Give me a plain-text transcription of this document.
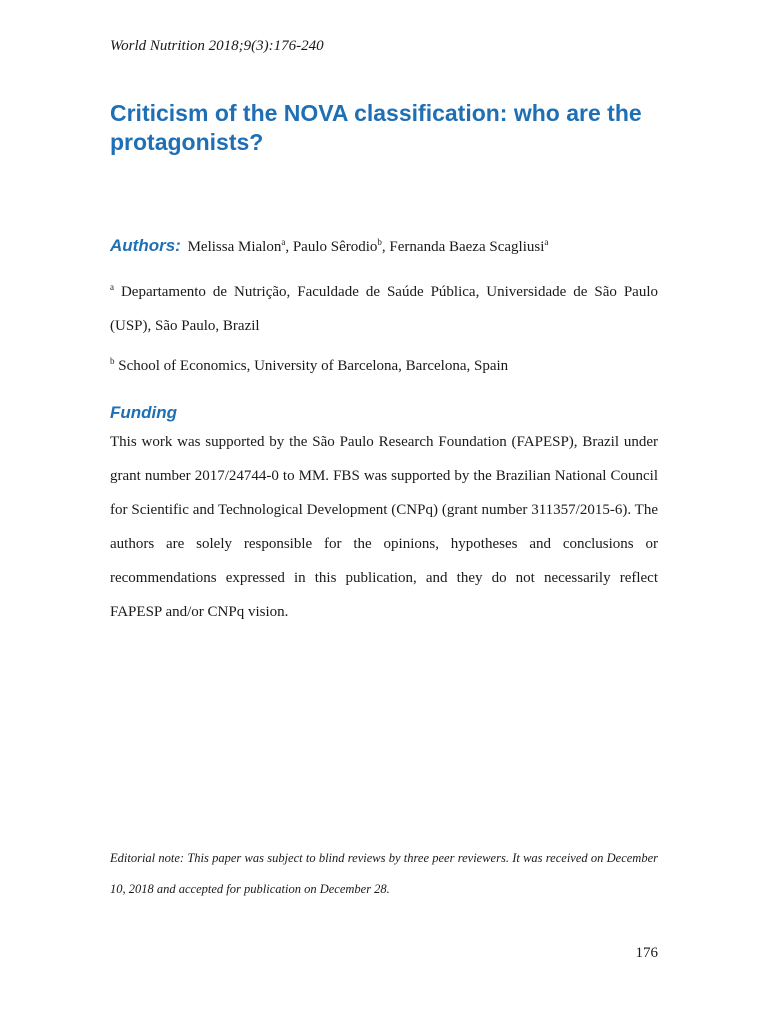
World Nutrition 2018;9(3):176-240
Criticism of the NOVA classification: who are the protagonists?
Authors: Melissa Mialon$^a$, Paulo Sêrodio$^b$, Fernanda Baeza Scagliusi$^a$
$^a$ Departamento de Nutrição, Faculdade de Saúde Pública, Universidade de São Paulo (USP), São Paulo, Brazil
$^b$ School of Economics, University of Barcelona, Barcelona, Spain
Funding

This work was supported by the São Paulo Research Foundation (FAPESP), Brazil under grant number 2017/24744-0 to MM. FBS was supported by the Brazilian National Council for Scientific and Technological Development (CNPq) (grant number 311357/2015-6). The authors are solely responsible for the opinions, hypotheses and conclusions or recommendations expressed in this publication, and they do not necessarily reflect FAPESP and/or CNPq vision.

Editorial note: This paper was subject to blind reviews by three peer reviewers. It was received on December 10, 2018 and accepted for publication on December 28.

176
